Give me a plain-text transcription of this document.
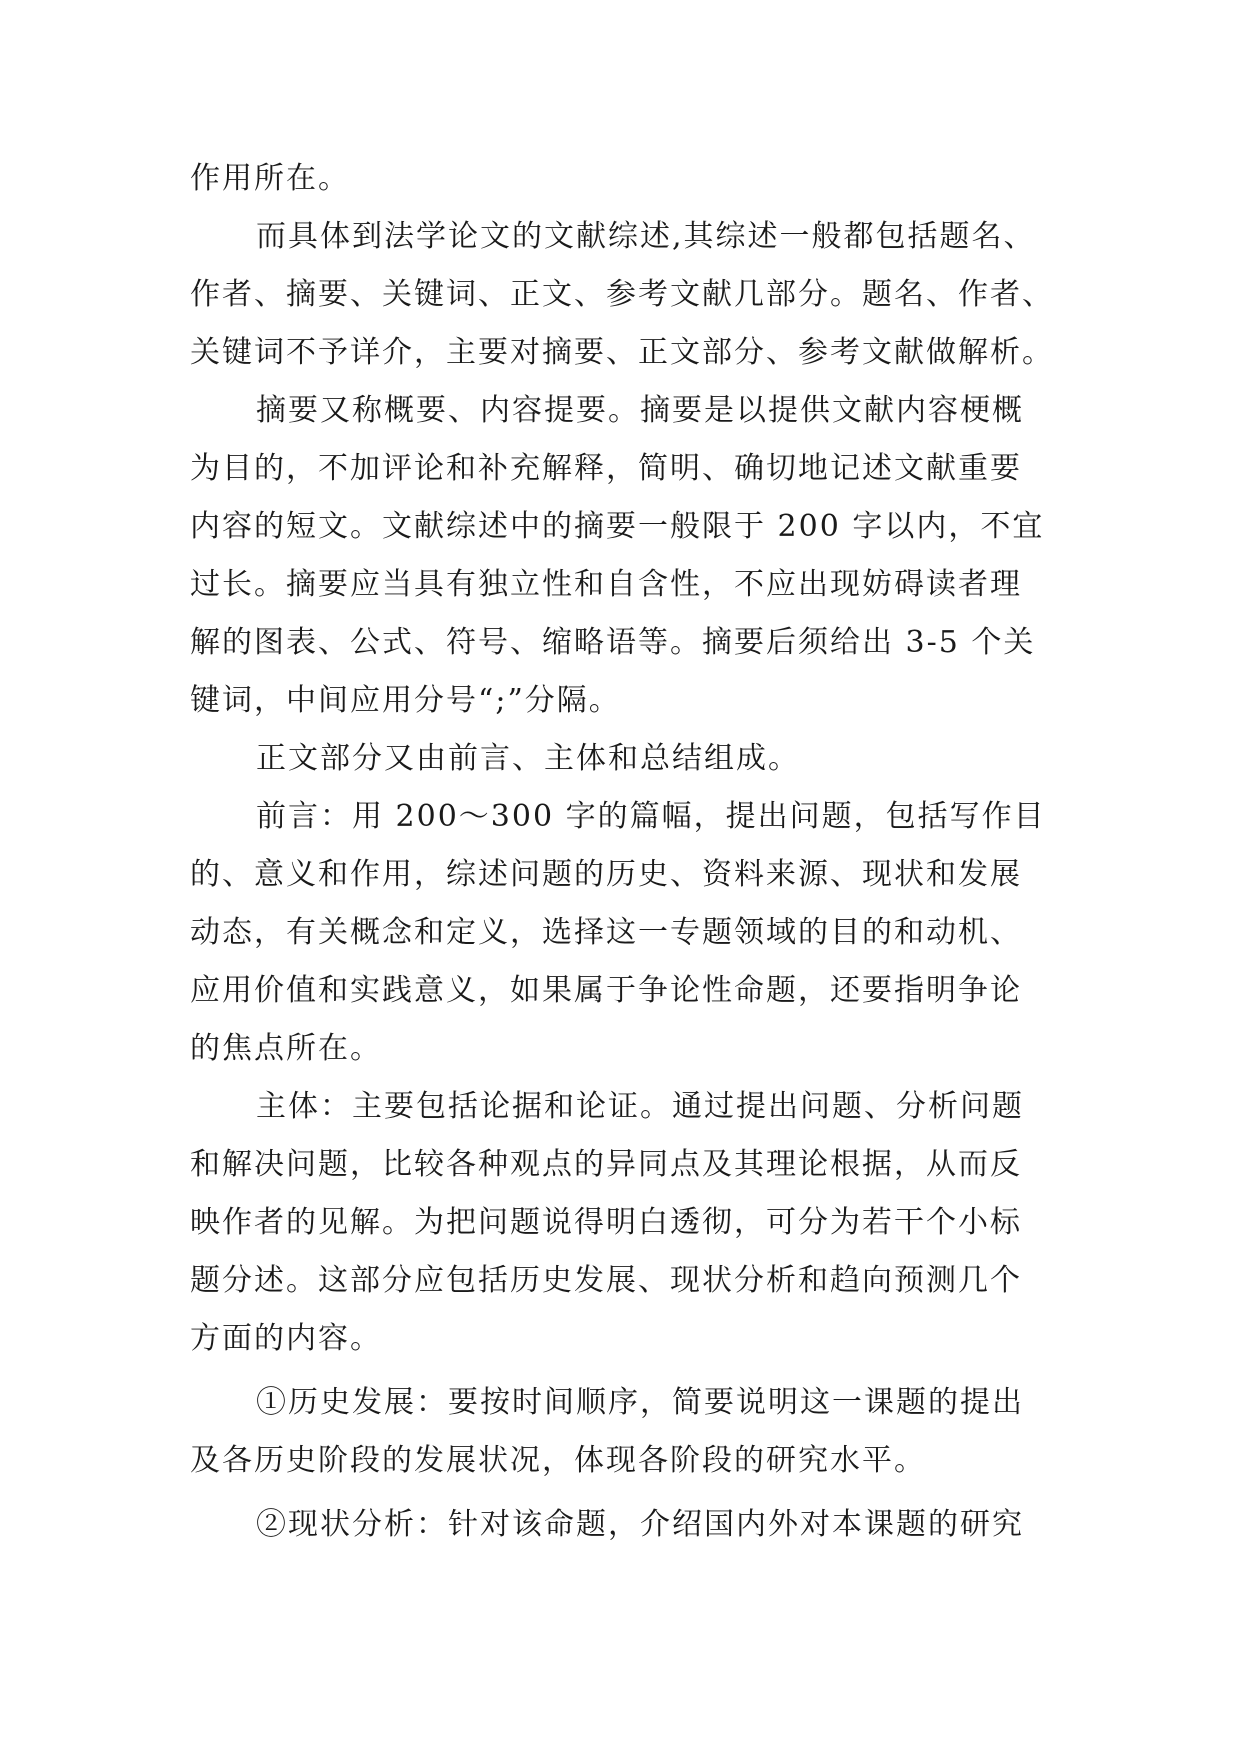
作用所在。
而具体到法学论文的文献综述,其综述一般都包括题名、
作者、摘要、关键词、正文、参考文献几部分。题名、作者、
关键词不予详介，主要对摘要、正文部分、参考文献做解析。
摘要又称概要、内容提要。摘要是以提供文献内容梗概
为目的，不加评论和补充解释，简明、确切地记述文献重要
内容的短文。文献综述中的摘要一般限于 200 字以内，不宜
过长。摘要应当具有独立性和自含性，不应出现妨碍读者理
解的图表、公式、符号、缩略语等。摘要后须给出 3-5 个关
键词，中间应用分号“;”分隔。
正文部分又由前言、主体和总结组成。
前言：用 200～300 字的篇幅，提出问题，包括写作目
的、意义和作用，综述问题的历史、资料来源、现状和发展
动态，有关概念和定义，选择这一专题领域的目的和动机、
应用价值和实践意义，如果属于争论性命题，还要指明争论
的焦点所在。
主体：主要包括论据和论证。通过提出问题、分析问题
和解决问题，比较各种观点的异同点及其理论根据，从而反
映作者的见解。为把问题说得明白透彻，可分为若干个小标
题分述。这部分应包括历史发展、现状分析和趋向预测几个
方面的内容。
①历史发展：要按时间顺序，简要说明这一课题的提出
及各历史阶段的发展状况，体现各阶段的研究水平。
②现状分析：针对该命题，介绍国内外对本课题的研究
